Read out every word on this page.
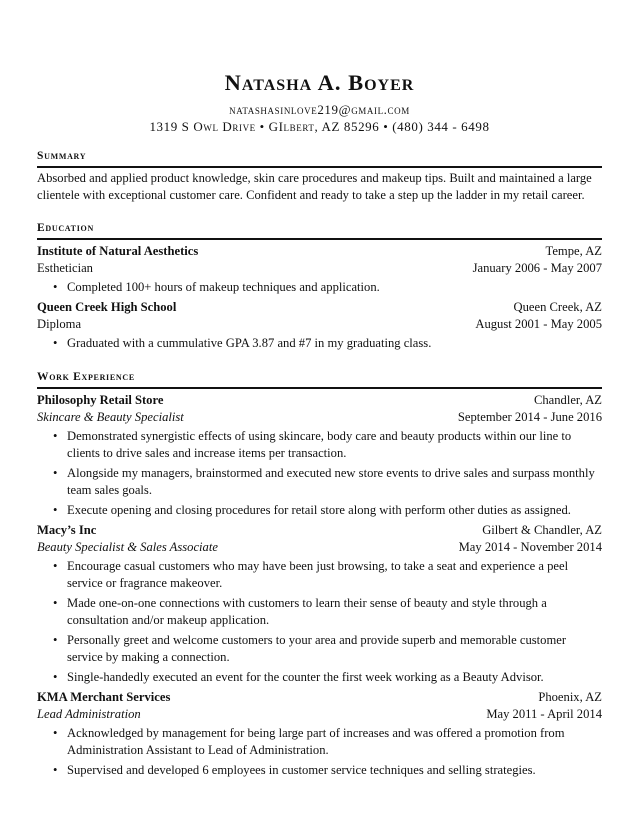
Natasha A. Boyer
natashasinlove219@gmail.com
1319 S Owl Drive • GIlbert, AZ 85296 • (480) 344 - 6498
Summary
Absorbed and applied product knowledge, skin care procedures and makeup tips. Built and maintained a large clientele with exceptional customer care. Confident and ready to take a step up the ladder in my retail career.
Education
Institute of Natural Aesthetics	Tempe, AZ
Esthetician	January 2006 - May 2007
• Completed 100+ hours of makeup techniques and application.
Queen Creek High School	Queen Creek, AZ
Diploma	August 2001 - May 2005
• Graduated with a cummulative GPA 3.87 and #7 in my graduating class.
Work Experience
Philosophy Retail Store	Chandler, AZ
Skincare & Beauty Specialist	September 2014 - June 2016
• Demonstrated synergistic effects of using skincare, body care and beauty products within our line to clients to drive sales and increase items per transaction.
• Alongside my managers, brainstormed and executed new store events to drive sales and surpass monthly team sales goals.
• Execute opening and closing procedures for retail store along with perform other duties as assigned.
Macy’s Inc	Gilbert & Chandler, AZ
Beauty Specialist & Sales Associate	May 2014 - November 2014
• Encourage casual customers who may have been just browsing, to take a seat and experience a peel service or fragrance makeover.
• Made one-on-one connections with customers to learn their sense of beauty and style through a consultation and/or makeup application.
• Personally greet and welcome customers to your area and provide superb and memorable customer service by making a connection.
• Single-handedly executed an event for the counter the first week working as a Beauty Advisor.
KMA Merchant Services	Phoenix, AZ
Lead Administration	May 2011 - April 2014
• Acknowledged by management for being large part of increases and was offered a promotion from Administration Assistant to Lead of Administration.
• Supervised and developed 6 employees in customer service techniques and selling strategies.
